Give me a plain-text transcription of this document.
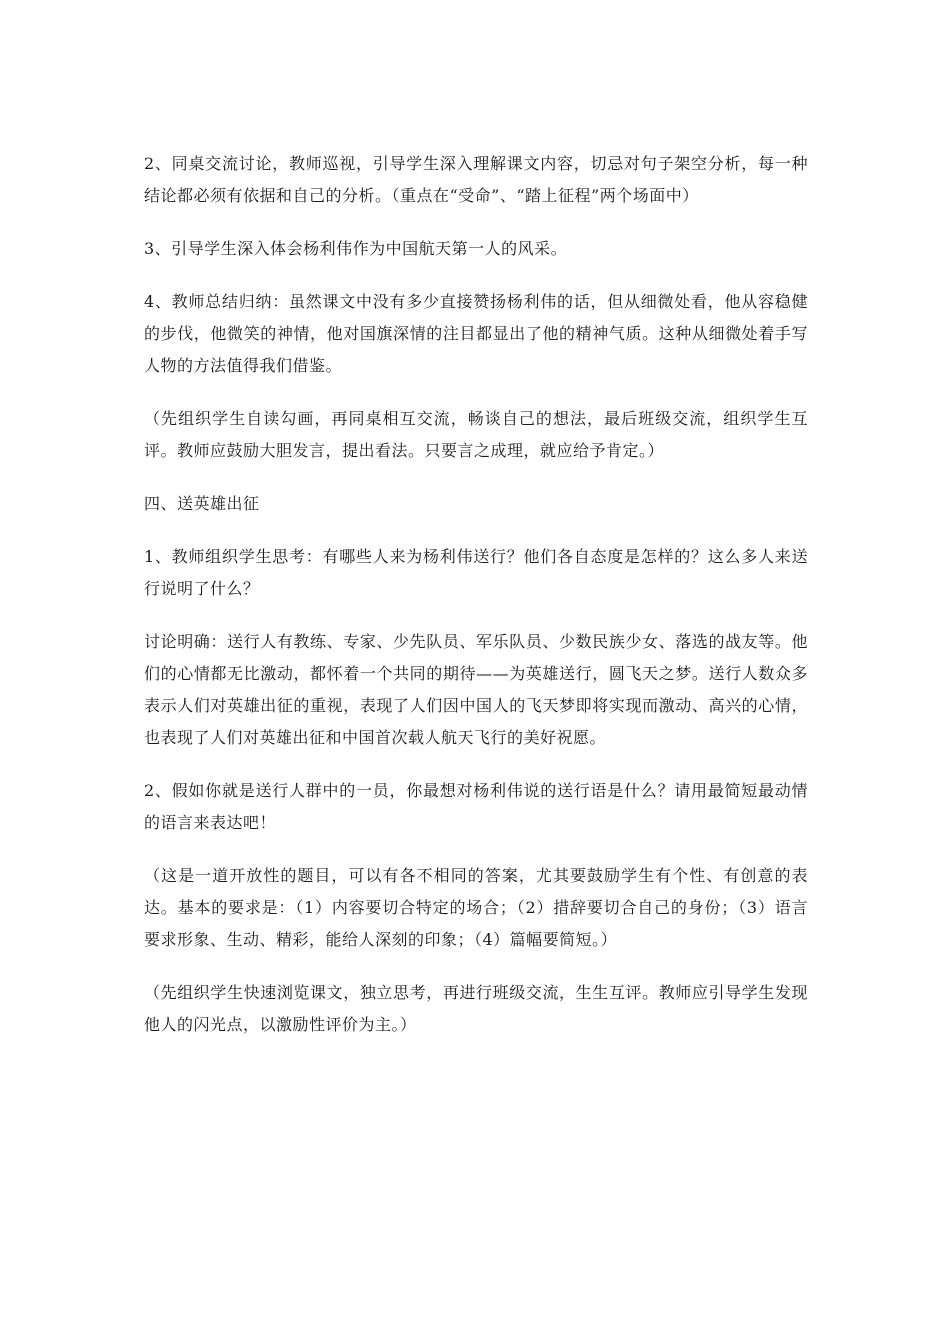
2、同桌交流讨论，教师巡视，引导学生深入理解课文内容，切忌对句子架空分析，每一种结论都必须有依据和自己的分析。（重点在“受命”、“踏上征程”两个场面中）

3、引导学生深入体会杨利伟作为中国航天第一人的风采。

4、教师总结归纳：虽然课文中没有多少直接赞扬杨利伟的话，但从细微处看，他从容稳健的步伐，他微笑的神情，他对国旗深情的注目都显出了他的精神气质。这种从细微处着手写人物的方法值得我们借鉴。

（先组织学生自读勾画，再同桌相互交流，畅谈自己的想法，最后班级交流，组织学生互评。教师应鼓励大胆发言，提出看法。只要言之成理，就应给予肯定。）

四、送英雄出征

1、教师组织学生思考：有哪些人来为杨利伟送行？他们各自态度是怎样的？这么多人来送行说明了什么？

讨论明确：送行人有教练、专家、少先队员、军乐队员、少数民族少女、落选的战友等。他们的心情都无比激动，都怀着一个共同的期待——为英雄送行，圆飞天之梦。送行人数众多表示人们对英雄出征的重视，表现了人们因中国人的飞天梦即将实现而激动、高兴的心情，也表现了人们对英雄出征和中国首次载人航天飞行的美好祝愿。

2、假如你就是送行人群中的一员，你最想对杨利伟说的送行语是什么？请用最简短最动情的语言来表达吧！

（这是一道开放性的题目，可以有各不相同的答案，尤其要鼓励学生有个性、有创意的表达。基本的要求是：（1）内容要切合特定的场合；（2）措辞要切合自己的身份；（3）语言要求形象、生动、精彩，能给人深刻的印象；（4）篇幅要简短。）

（先组织学生快速浏览课文，独立思考，再进行班级交流，生生互评。教师应引导学生发现他人的闪光点，以激励性评价为主。）
